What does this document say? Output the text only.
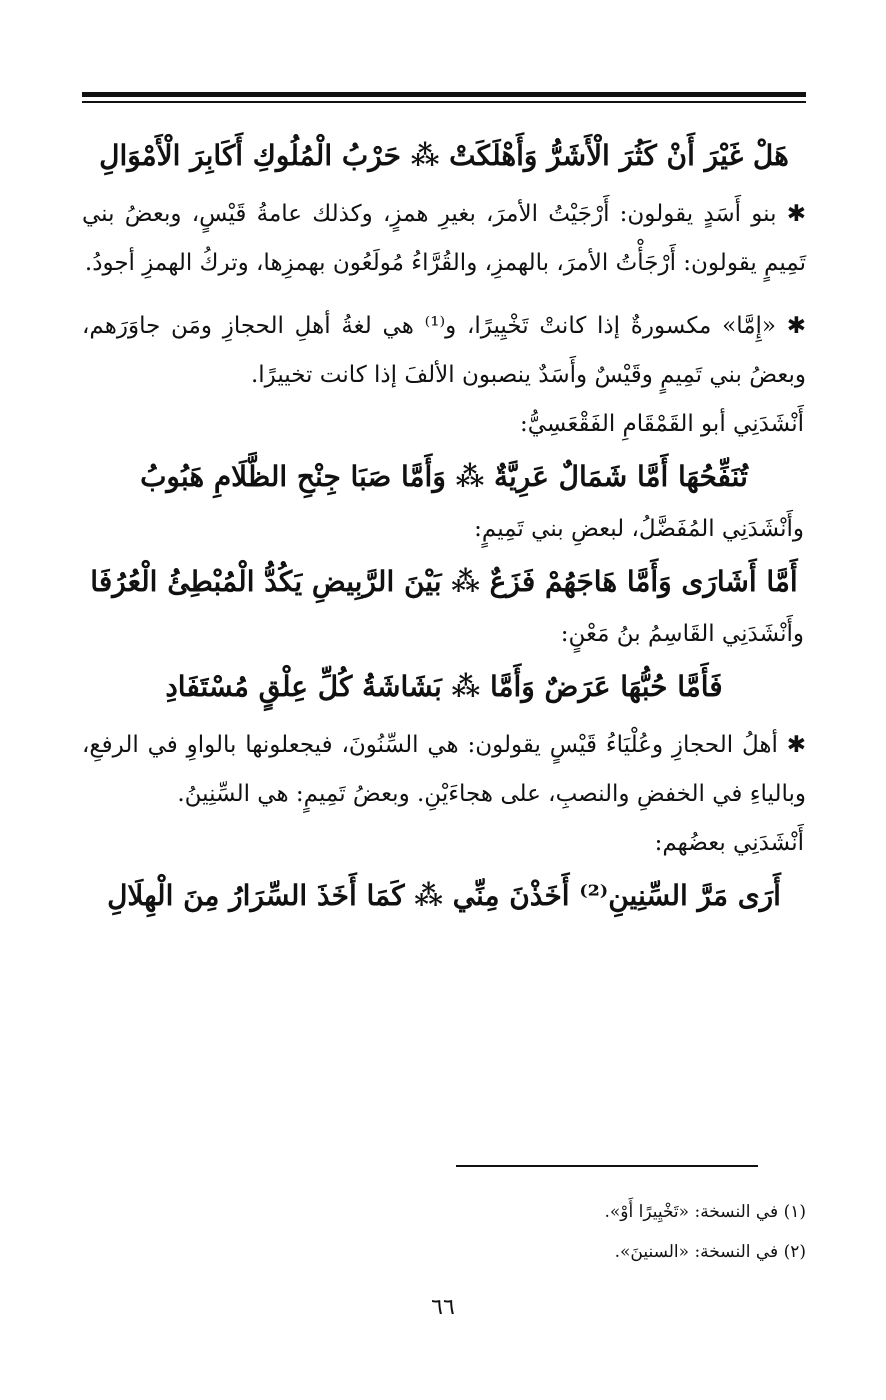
هَلْ غَيْرَ أَنْ كَثُرَ الْأَشَرُّ وَأَهْلَكَتْ ⁂ حَرْبُ الْمُلُوكِ أَكَابِرَ الْأَمْوَالِ
✱ بنو أَسَدٍ يقولون: أَرْجَيْتُ الأمرَ، بغيرِ همزٍ، وكذلك عامةُ قَيْسٍ، وبعضُ بني تَمِيمٍ يقولون: أَرْجَأْتُ الأمرَ، بالهمزِ، والقُرَّاءُ مُولَعُون بهمزِها، وتركُ الهمزِ أجودُ.
✱ «إِمَّا» مكسورةٌ إذا كانتْ تَخْيِيرًا، و⁽¹⁾ هي لغةُ أهلِ الحجازِ ومَن جاوَرَهم، وبعضُ بني تَمِيمٍ وقَيْسٌ وأَسَدٌ ينصبون الألفَ إذا كانت تخييرًا.
أَنْشَدَنِي أبو القَمْقَامِ الفَقْعَسِيُّ:
تُنَفِّحُهَا أَمَّا شَمَالٌ عَرِيَّةٌ ⁂ وَأَمَّا صَبَا جِنْحِ الظَّلَامِ هَبُوبُ
وأَنْشَدَنِي المُفَضَّلُ، لبعضِ بني تَمِيمٍ:
أَمَّا أَشَارَى وَأَمَّا هَاجَهُمْ فَزَعٌ ⁂ بَيْنَ الرَّبِيضِ يَكُدُّ الْمُبْطِئُ الْعُرُفَا
وأَنْشَدَنِي القَاسِمُ بنُ مَعْنٍ:
فَأَمَّا حُبُّهَا عَرَضٌ وَأَمَّا ⁂ بَشَاشَةُ كُلِّ عِلْقٍ مُسْتَفَادِ
✱ أهلُ الحجازِ وعُلْيَاءُ قَيْسٍ يقولون: هي السِّنُونَ، فيجعلونها بالواوِ في الرفعِ، وبالياءِ في الخفضِ والنصبِ، على هجاءَيْنِ. وبعضُ تَمِيمٍ: هي السِّنِينُ.
أَنْشَدَنِي بعضُهم:
أَرَى مَرَّ السِّنِينِ⁽²⁾ أَخَذْنَ مِنِّي ⁂ كَمَا أَخَذَ السِّرَارُ مِنَ الْهِلَالِ
(١) في النسخة: «تَخْيِيرًا أَوْ».
(٢) في النسخة: «السنينَ».
٦٦
